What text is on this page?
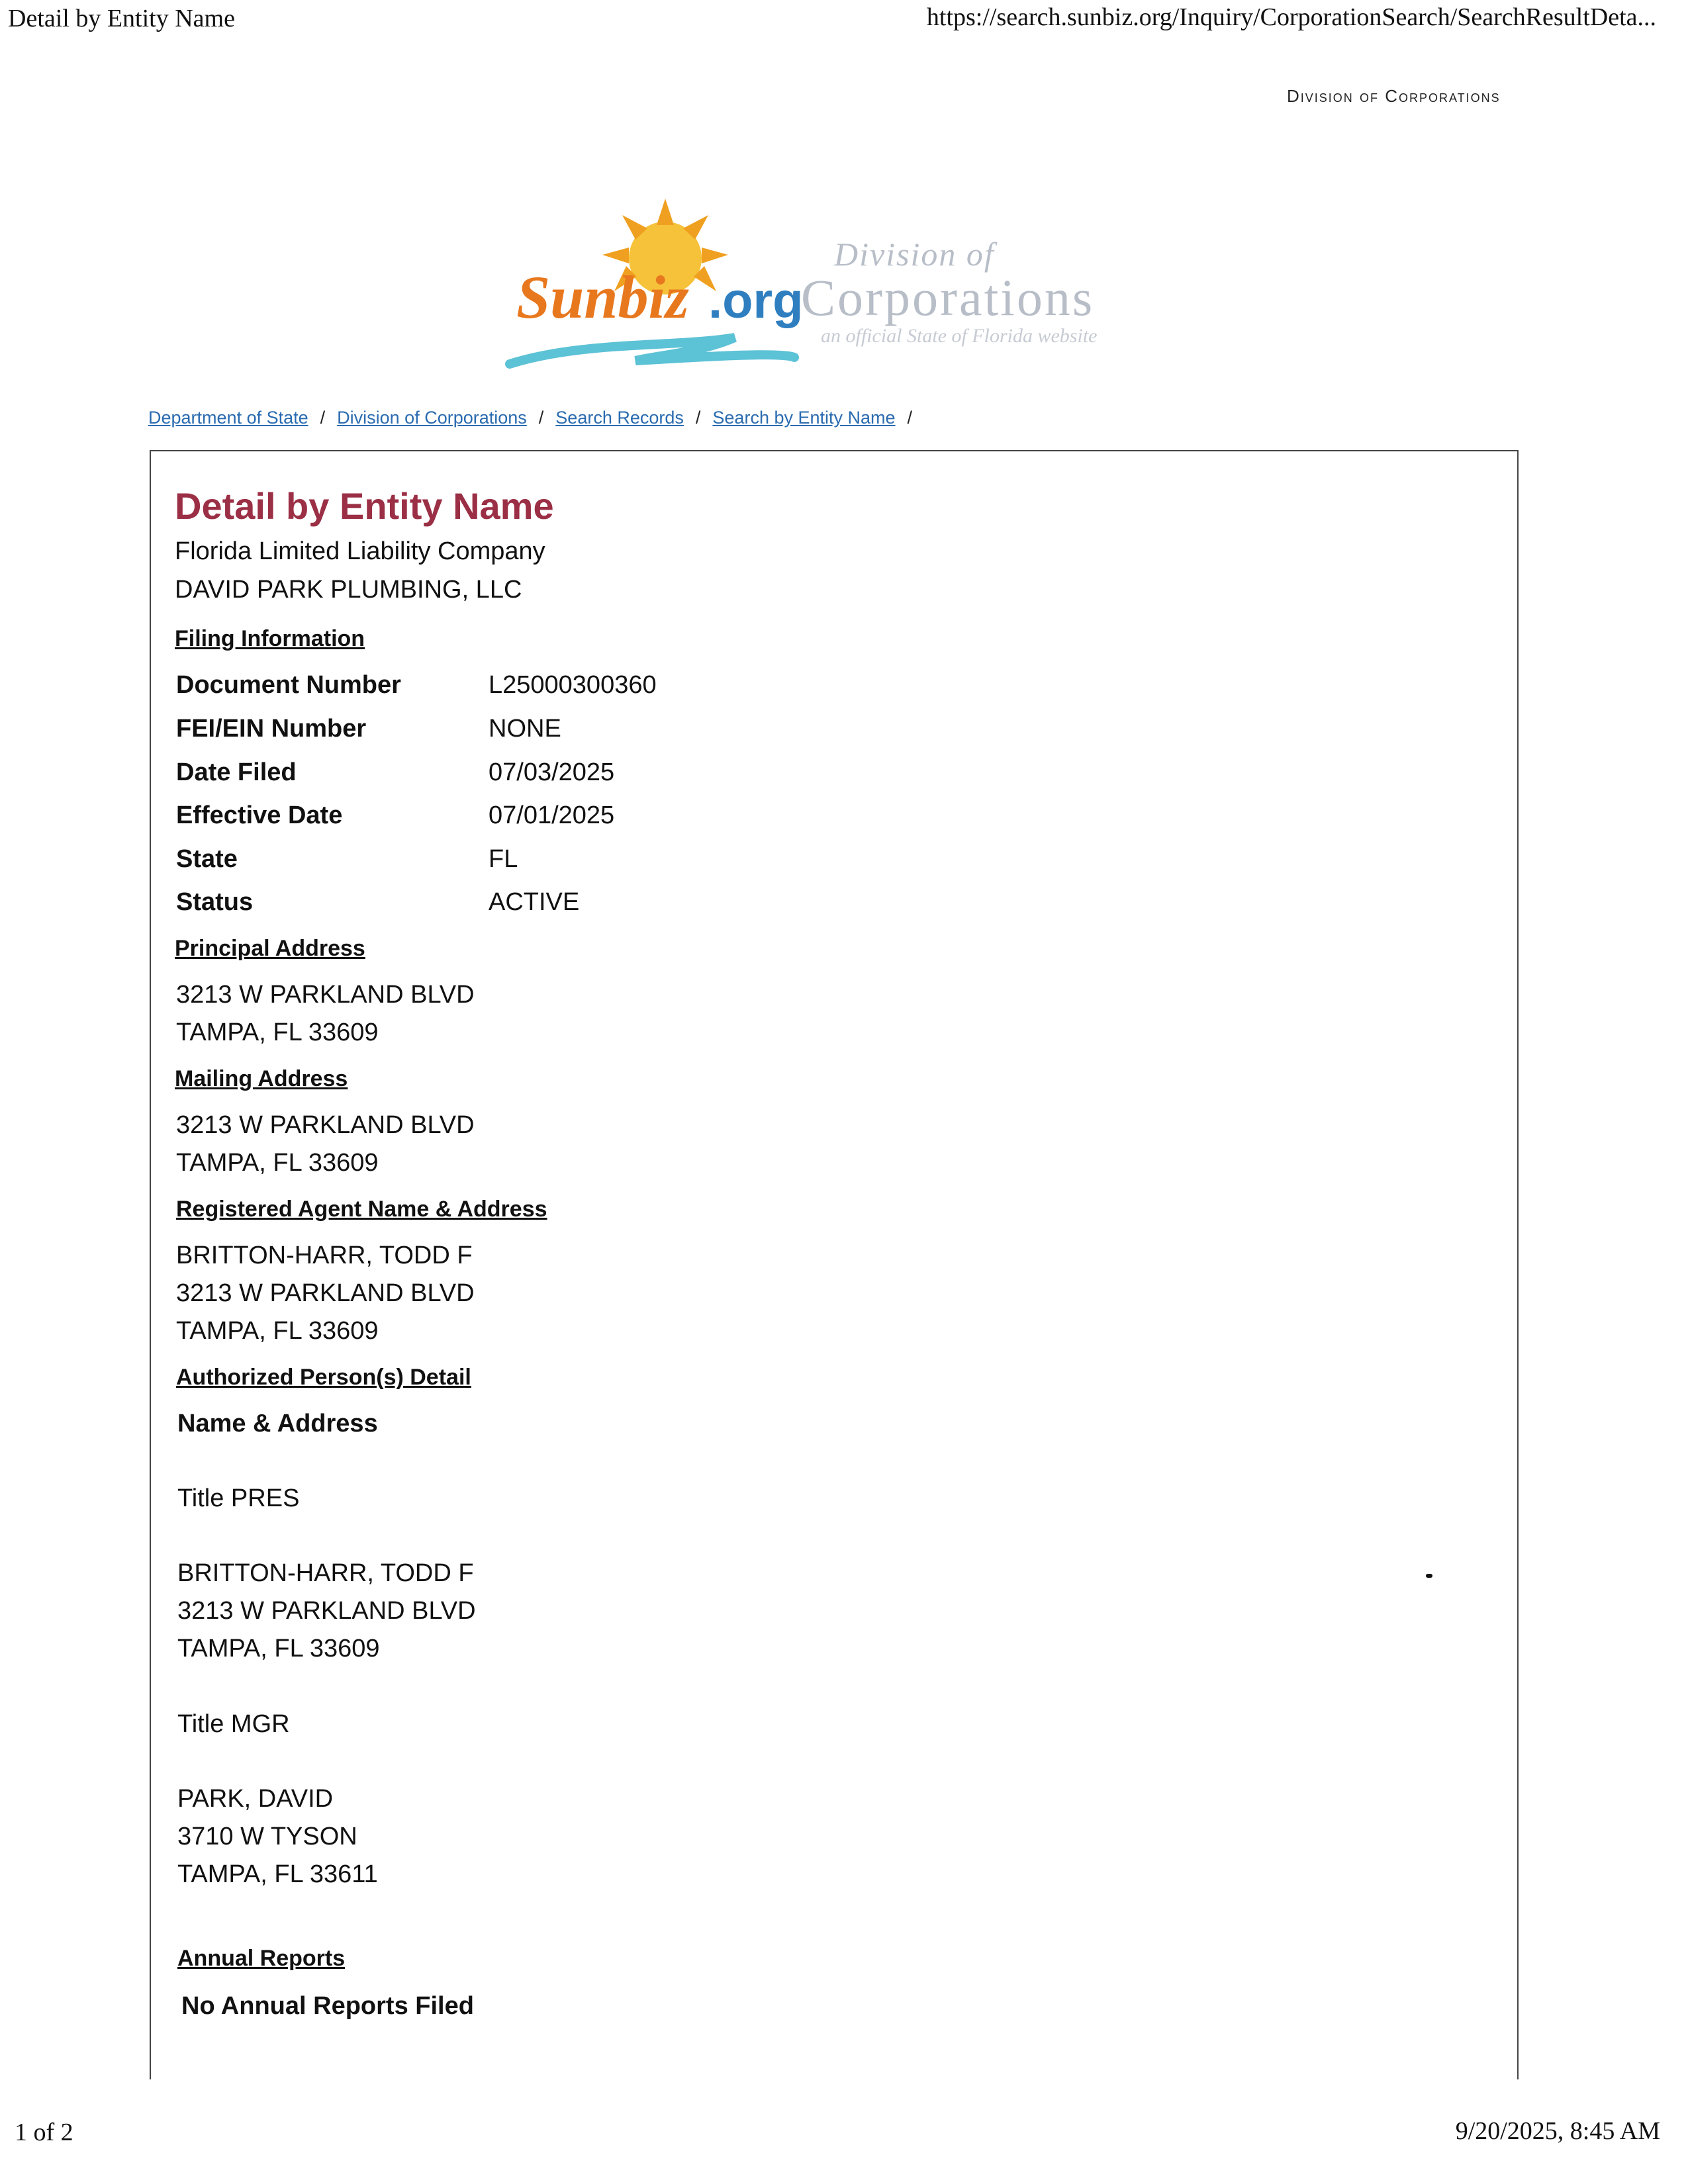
Detail by Entity Name	https://search.sunbiz.org/Inquiry/CorporationSearch/SearchResultDeta...
1 of 2	9/20/2025, 8:45 AM
Division of Corporations
Sunbiz .org
Division of
Corporations
an official State of Florida website
Department of State / Division of Corporations / Search Records / Search by Entity Name /
Detail by Entity Name
Florida Limited Liability Company
DAVID PARK PLUMBING, LLC
Filing Information
Document Number	L25000300360
FEI/EIN Number	NONE
Date Filed	07/03/2025
Effective Date	07/01/2025
State	FL
Status	ACTIVE
Principal Address
3213 W PARKLAND BLVD
TAMPA, FL 33609
Mailing Address
3213 W PARKLAND BLVD
TAMPA, FL 33609
Registered Agent Name & Address
BRITTON-HARR, TODD F
3213 W PARKLAND BLVD
TAMPA, FL 33609
Authorized Person(s) Detail
Name & Address
Title PRES
BRITTON-HARR, TODD F
3213 W PARKLAND BLVD
TAMPA, FL 33609
Title MGR
PARK, DAVID
3710 W TYSON
TAMPA, FL 33611
Annual Reports
No Annual Reports Filed
